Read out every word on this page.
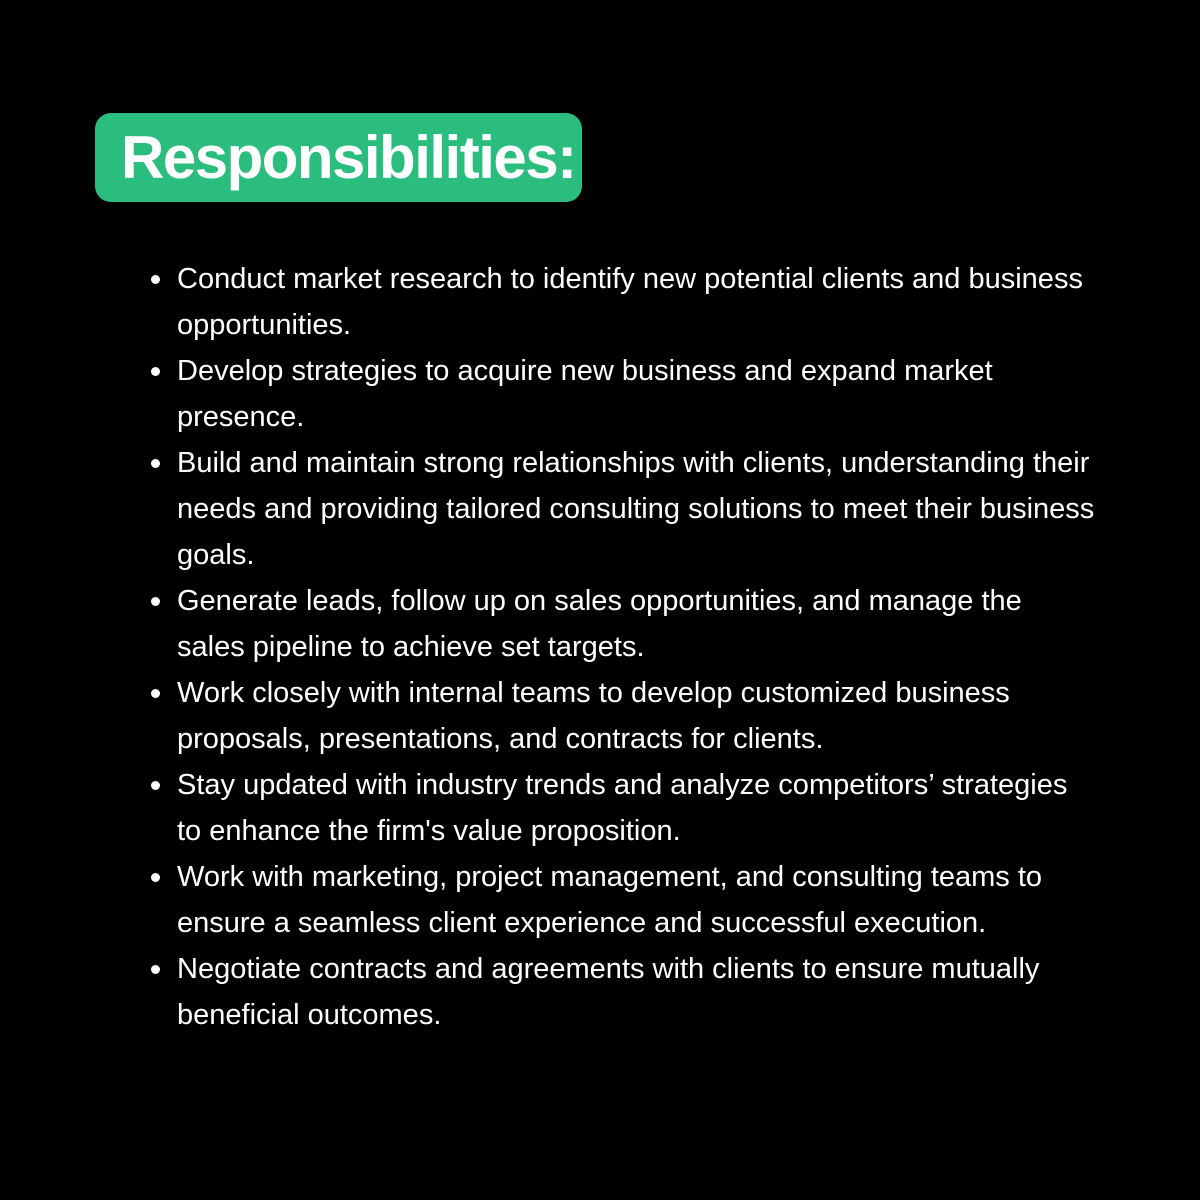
Responsibilities:
Conduct market research to identify new potential clients and business opportunities.
Develop strategies to acquire new business and expand market presence.
Build and maintain strong relationships with clients, understanding their needs and providing tailored consulting solutions to meet their business goals.
Generate leads, follow up on sales opportunities, and manage the sales pipeline to achieve set targets.
Work closely with internal teams to develop customized business proposals, presentations, and contracts for clients.
Stay updated with industry trends and analyze competitors’ strategies to enhance the firm's value proposition.
Work with marketing, project management, and consulting teams to ensure a seamless client experience and successful execution.
Negotiate contracts and agreements with clients to ensure mutually beneficial outcomes.
